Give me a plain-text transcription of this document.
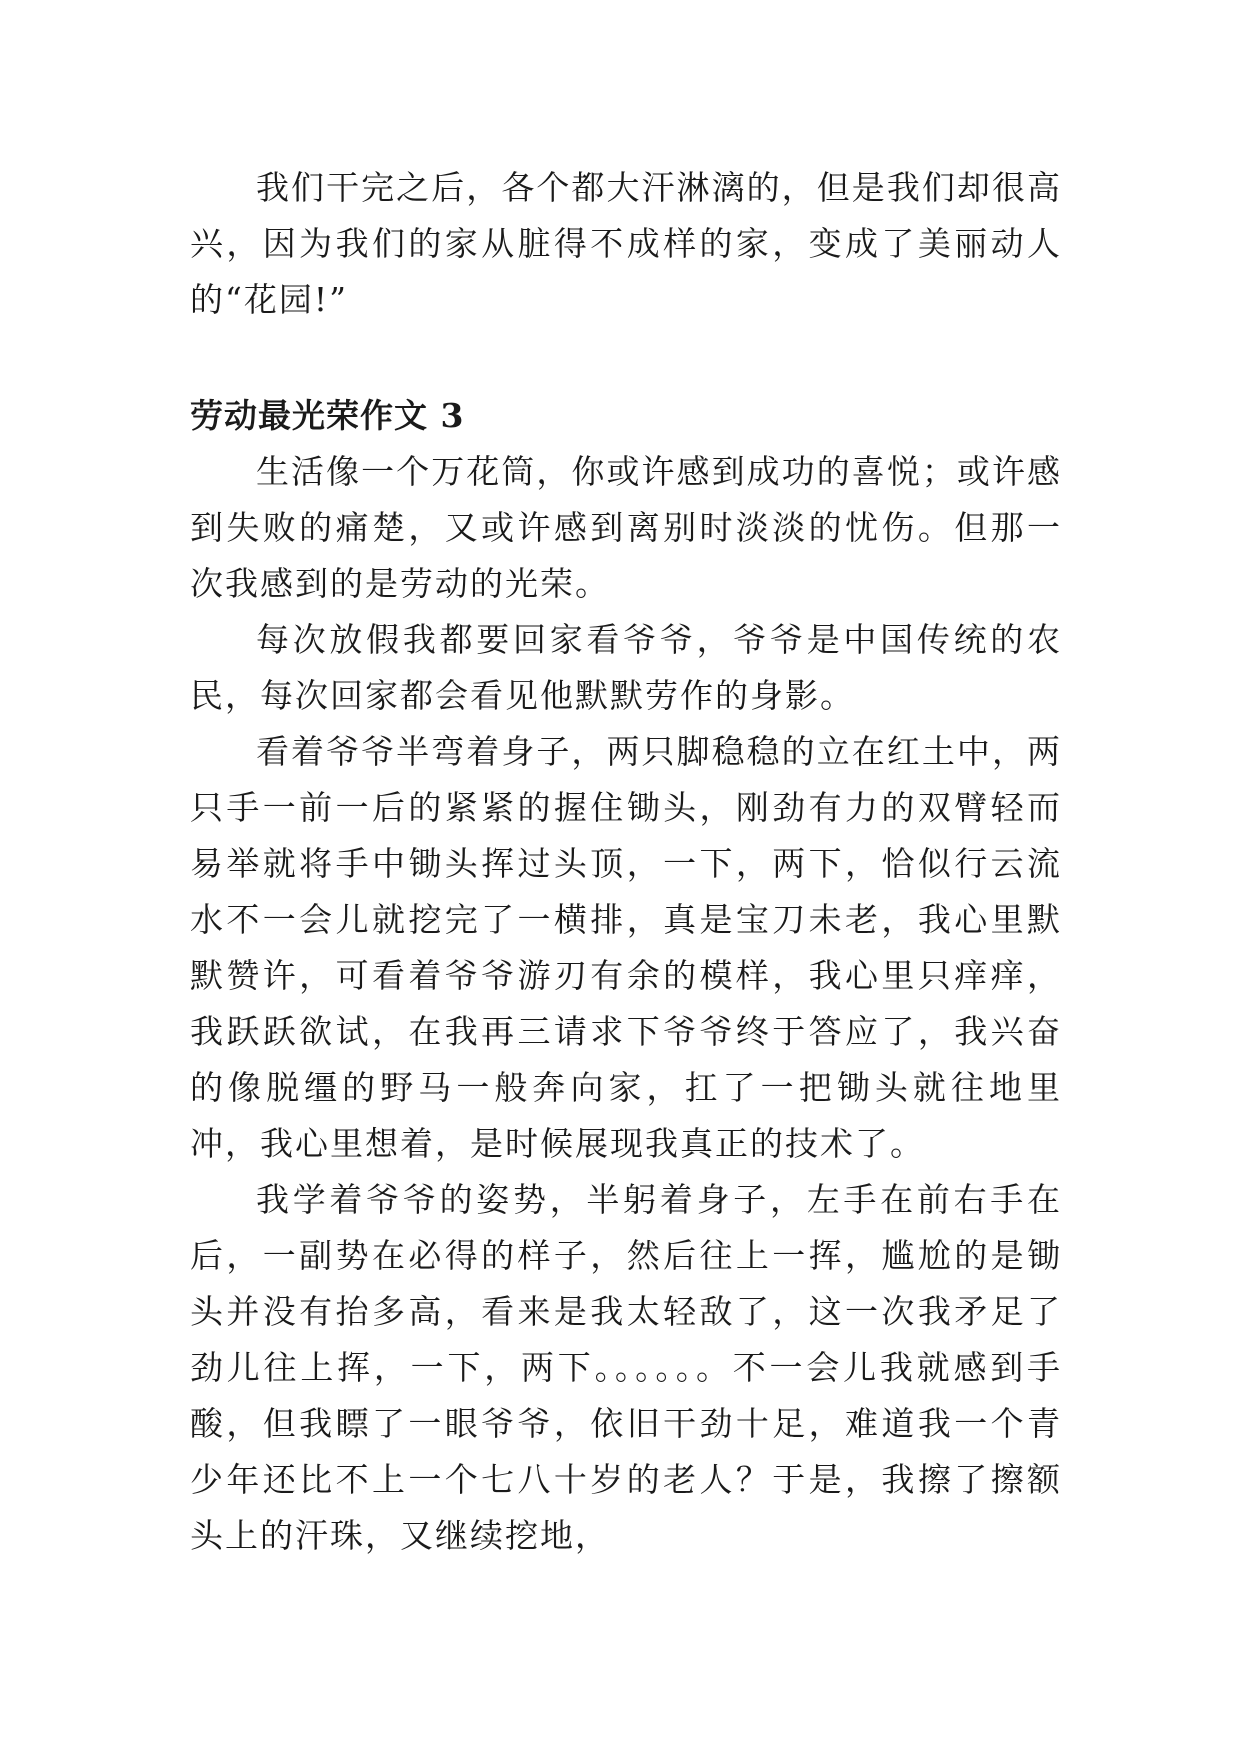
我们干完之后，各个都大汗淋漓的，但是我们却很高兴，因为我们的家从脏得不成样的家，变成了美丽动人的“花园!”

劳动最光荣作文 3

生活像一个万花筒，你或许感到成功的喜悦；或许感到失败的痛楚，又或许感到离别时淡淡的忧伤。但那一次我感到的是劳动的光荣。

每次放假我都要回家看爷爷，爷爷是中国传统的农民，每次回家都会看见他默默劳作的身影。

看着爷爷半弯着身子，两只脚稳稳的立在红土中，两只手一前一后的紧紧的握住锄头，刚劲有力的双臂轻而易举就将手中锄头挥过头顶，一下，两下，恰似行云流水不一会儿就挖完了一横排，真是宝刀未老，我心里默默赞许，可看着爷爷游刃有余的模样，我心里只痒痒，我跃跃欲试，在我再三请求下爷爷终于答应了，我兴奋的像脱缰的野马一般奔向家，扛了一把锄头就往地里冲，我心里想着，是时候展现我真正的技术了。

我学着爷爷的姿势，半躬着身子，左手在前右手在后，一副势在必得的样子，然后往上一挥，尴尬的是锄头并没有抬多高，看来是我太轻敌了，这一次我矛足了劲儿往上挥，一下，两下。。。。。。不一会儿我就感到手酸，但我瞟了一眼爷爷，依旧干劲十足，难道我一个青少年还比不上一个七八十岁的老人？于是，我擦了擦额头上的汗珠，又继续挖地，
